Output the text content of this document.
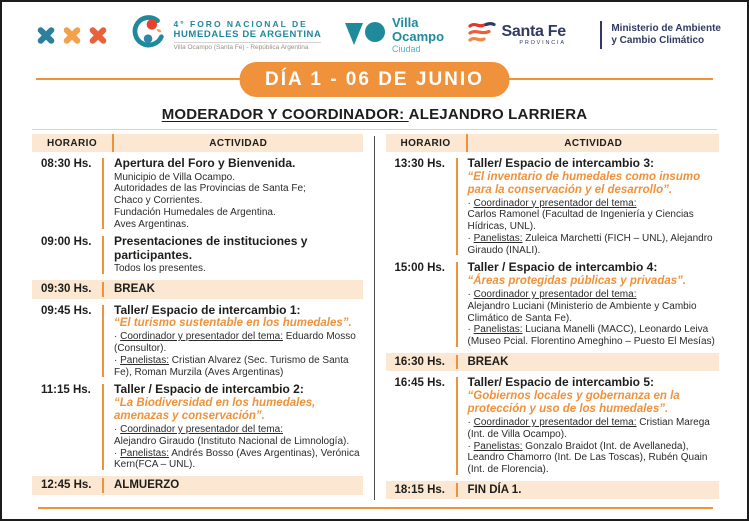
4° FORO NACIONAL DE
HUMEDALES DE ARGENTINA
Villa Ocampo (Santa Fe) - República Argentina
Villa
Ocampo
Ciudad
Santa Fe
PROVINCIA
Ministerio de Ambiente
y Cambio Climático
DÍA 1 - 06 DE JUNIO
MODERADOR Y COORDINADOR: ALEJANDRO LARRIERA
HORARIO	ACTIVIDAD
08:30 Hs.	Apertura del Foro y Bienvenida.
Municipio de Villa Ocampo.
Autoridades de las Provincias de Santa Fe;
Chaco y Corrientes.
Fundación Humedales de Argentina.
Aves Argentinas.
09:00 Hs.	Presentaciones de instituciones y participantes.
Todos los presentes.
09:30 Hs.	BREAK
09:45 Hs.	Taller/ Espacio de intercambio 1:
“El turismo sustentable en los humedales”.
· Coordinador y presentador del tema: Eduardo Mosso (Consultor).
· Panelistas: Cristian Alvarez (Sec. Turismo de Santa Fe), Roman Murzila (Aves Argentinas)
11:15 Hs.	Taller / Espacio de intercambio 2:
“La Biodiversidad en los humedales, amenazas y conservación”.
· Coordinador y presentador del tema:
Alejandro Giraudo (Instituto Nacional de Limnología).
· Panelistas: Andrés Bosso (Aves Argentinas), Verónica Kern(FCA – UNL).
12:45 Hs.	ALMUERZO
HORARIO	ACTIVIDAD
13:30 Hs.	Taller/ Espacio de intercambio 3:
“El inventario de humedales como insumo para la conservación y el desarrollo”.
· Coordinador y presentador del tema:
Carlos Ramonel (Facultad de Ingeniería y Ciencias Hídricas, UNL).
· Panelistas: Zuleica Marchetti (FICH – UNL), Alejandro Giraudo (INALI).
15:00 Hs.	Taller / Espacio de intercambio 4:
“Áreas protegidas públicas y privadas”.
· Coordinador y presentador del tema:
Alejandro Luciani (Ministerio de Ambiente y Cambio Climático de Santa Fe).
· Panelistas: Luciana Manelli (MACC), Leonardo Leiva (Museo Pcial. Florentino Ameghino – Puesto El Mesías)
16:30 Hs.	BREAK
16:45 Hs.	Taller/ Espacio de intercambio 5:
“Gobiernos locales y gobernanza en la protección y uso de los humedales”.
· Coordinador y presentador del tema: Cristian Marega (Int. de Villa Ocampo).
· Panelistas: Gonzalo Braidot (Int. de Avellaneda), Leandro Chamorro (Int. De Las Toscas), Rubén Quain (Int. de Florencia).
18:15 Hs.	FIN DÍA 1.
